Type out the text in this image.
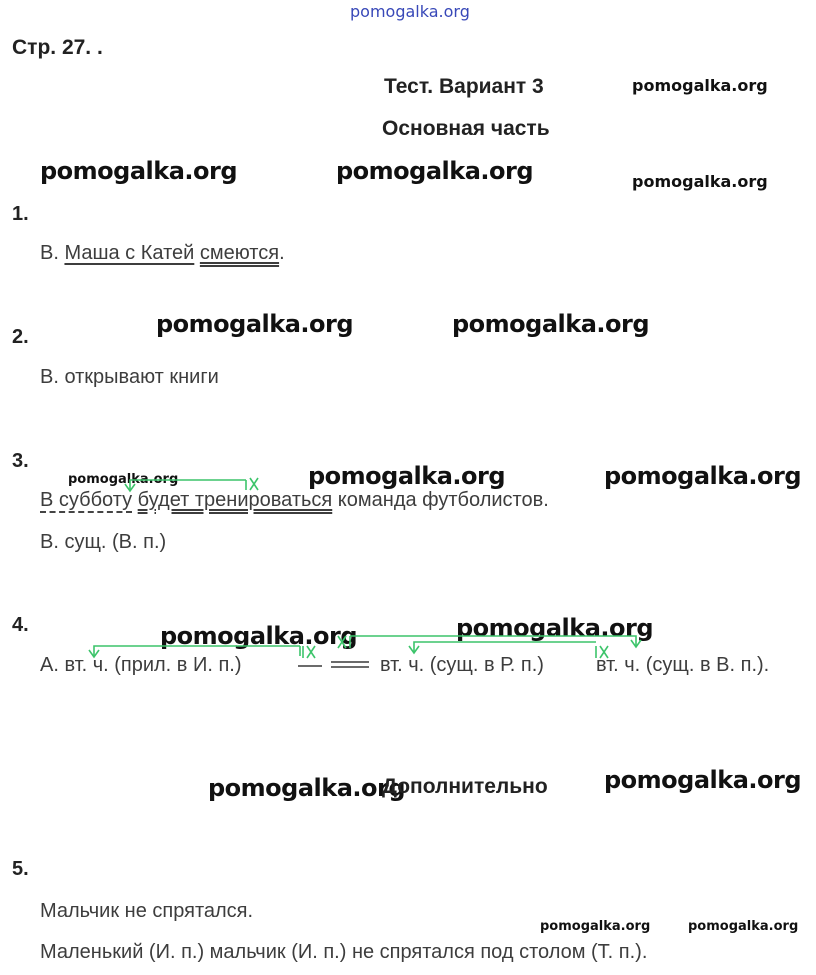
pomogalka.org
Стр. 27. .
Тест. Вариант 3	pomogalka.org
Основная часть
pomogalka.org	pomogalka.org	pomogalka.org
1.
В. Маша с Катей смеются.
2.	pomogalka.org	pomogalka.org
В. открывают книги
3.
pomogalka.org	pomogalka.org	pomogalka.org
В субботу будет тренироваться команда футболистов.
В. сущ. (В. п.)
4.	pomogalka.org	pomogalka.org
А. вт. ч. (прил. в И. п.)	вт. ч. (сущ. в Р. п.)	вт. ч. (сущ. в В. п.).
pomogalka.org
Дополнительно pomogalka.org
5.
Мальчик не спрятался.
pomogalka.org	pomogalka.org
Маленький (И. п.) мальчик (И. п.) не спрятался под столом (Т. п.).
